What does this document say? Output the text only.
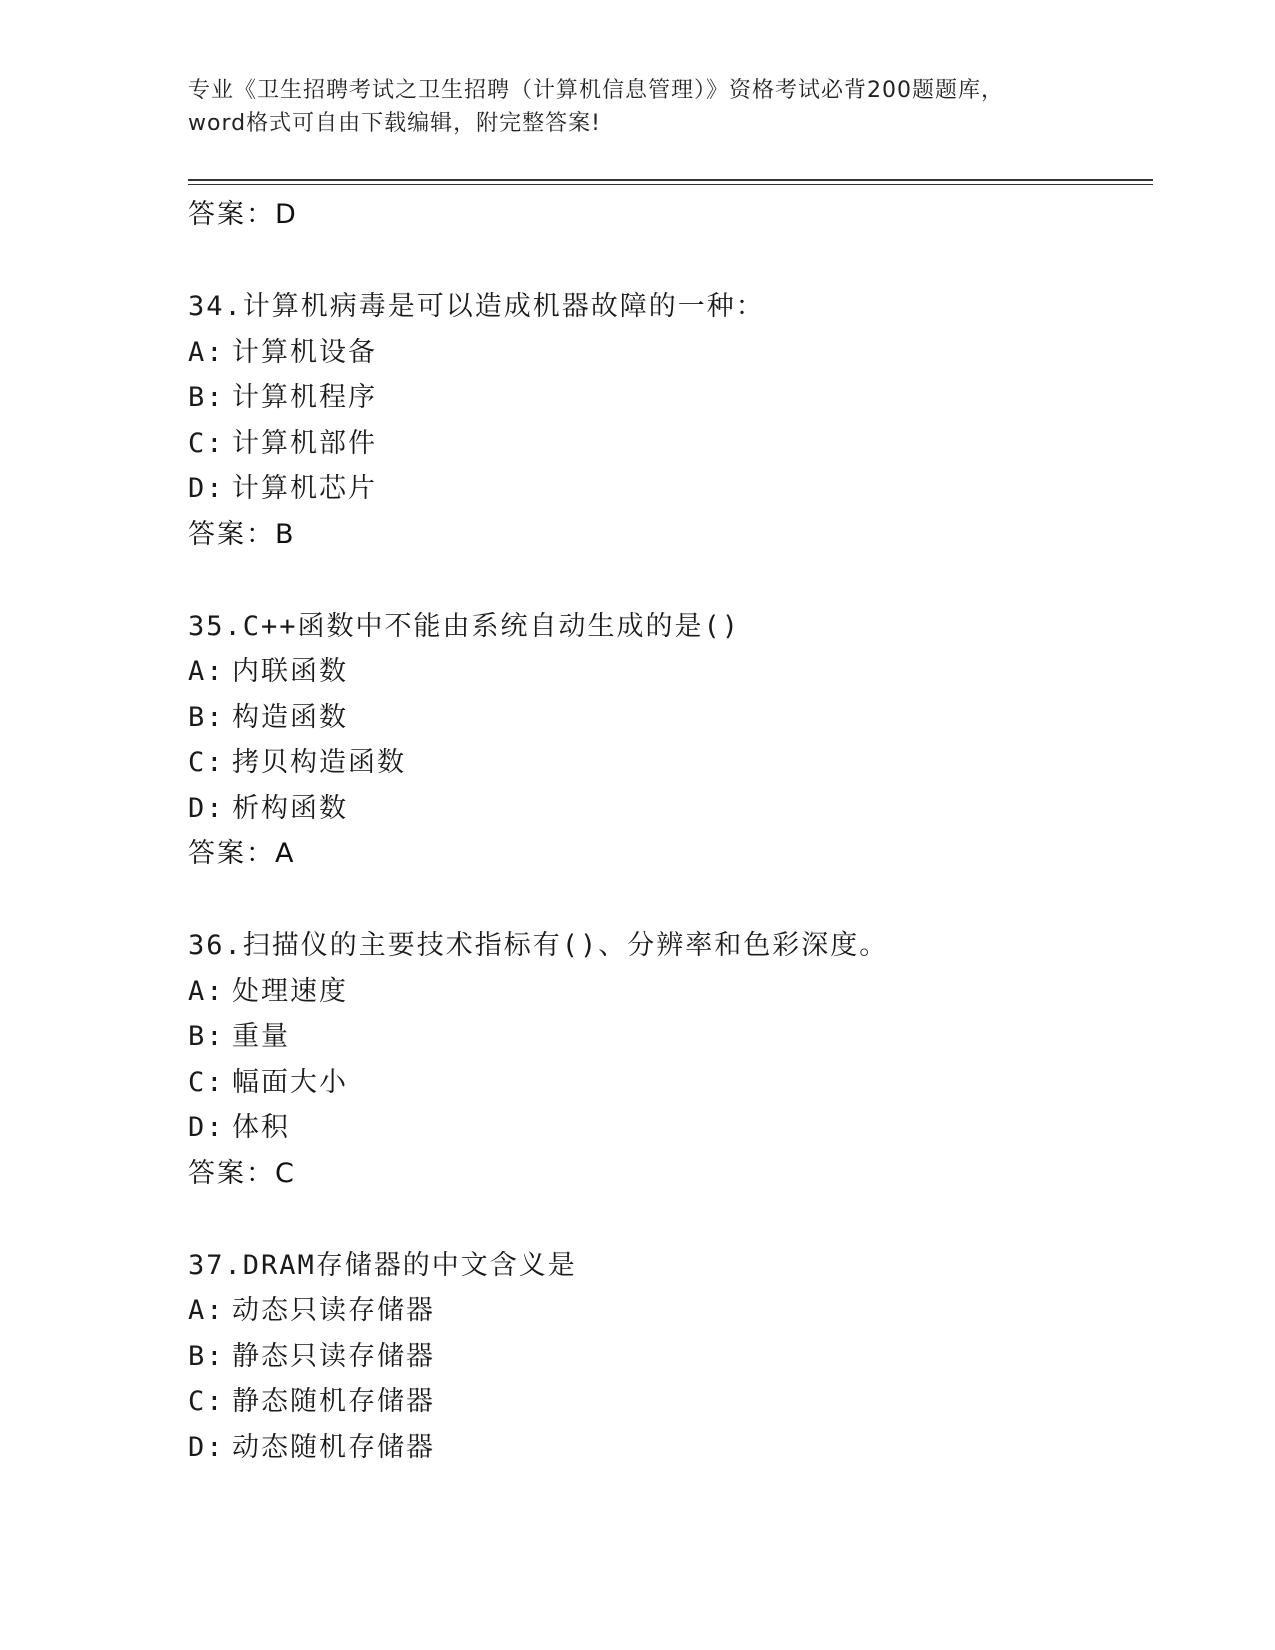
专业《卫生招聘考试之卫生招聘（计算机信息管理）》资格考试必背200题题库，
word格式可自由下载编辑，附完整答案!
答案：D
34.计算机病毒是可以造成机器故障的一种：
A: 计算机设备
B: 计算机程序
C: 计算机部件
D: 计算机芯片
答案：B
35.C++函数中不能由系统自动生成的是()
A: 内联函数
B: 构造函数
C: 拷贝构造函数
D: 析构函数
答案：A
36.扫描仪的主要技术指标有()、分辨率和色彩深度。
A: 处理速度
B: 重量
C: 幅面大小
D: 体积
答案：C
37.DRAM存储器的中文含义是
A: 动态只读存储器
B: 静态只读存储器
C: 静态随机存储器
D: 动态随机存储器
